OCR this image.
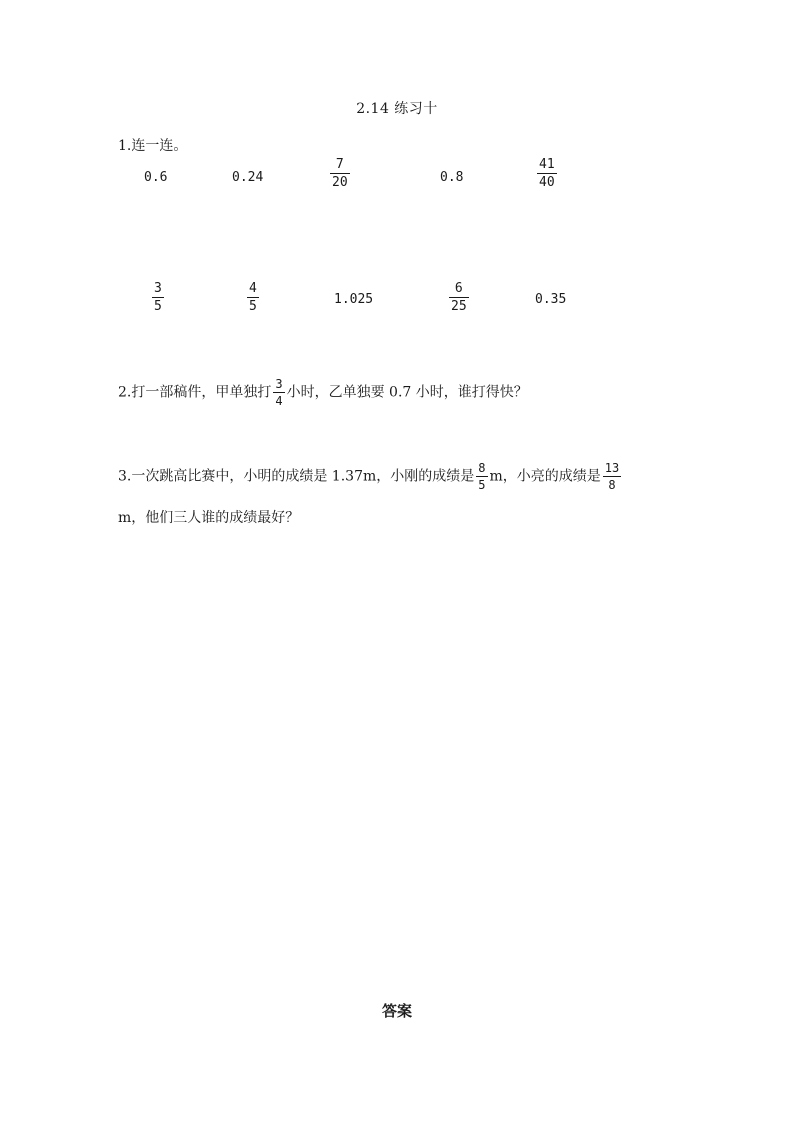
2.14 练习十
1.连一连。
0.6	0.24	$\frac{7}{20}$	0.8	$\frac{41}{40}$
$\frac{3}{5}$	$\frac{4}{5}$	1.025	$\frac{6}{25}$	0.35
2.打一部稿件，甲单独打 $\frac{3}{4}$ 小时，乙单独要 0.7 小时，谁打得快？
3.一次跳高比赛中，小明的成绩是 1.37m，小刚的成绩是 $\frac{8}{5}$ m，小亮的成绩是 $\frac{13}{8}$
m，他们三人谁的成绩最好？
答案
